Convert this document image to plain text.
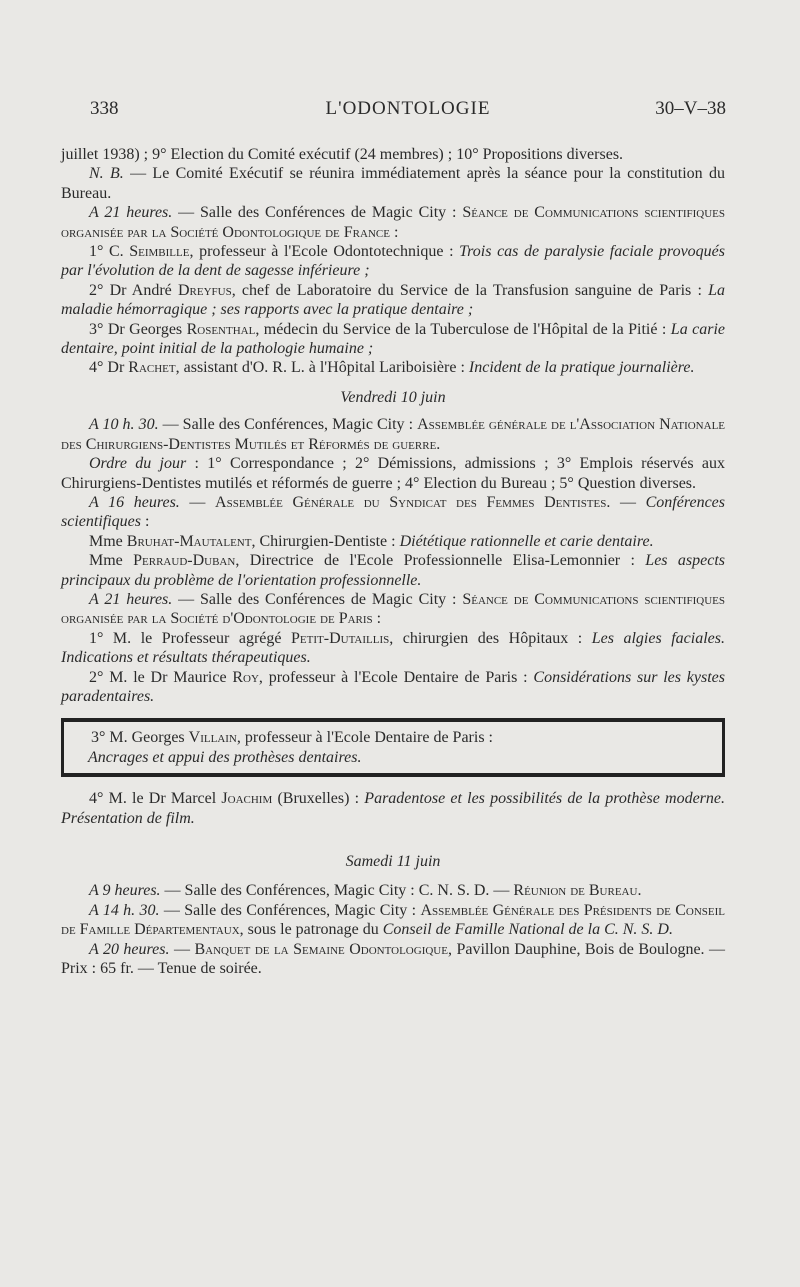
338	L'ODONTOLOGIE	30–V–38

juillet 1938) ; 9° Election du Comité exécutif (24 membres) ; 10° Propositions diverses.

N. B. — Le Comité Exécutif se réunira immédiatement après la séance pour la constitution du Bureau.

A 21 heures. — Salle des Conférences de Magic City : Séance de Communications scientifiques organisée par la Société Odontologique de France :

1° C. Seimbille, professeur à l'Ecole Odontotechnique : Trois cas de paralysie faciale provoqués par l'évolution de la dent de sagesse inférieure ;

2° Dr André Dreyfus, chef de Laboratoire du Service de la Transfusion sanguine de Paris : La maladie hémorragique ; ses rapports avec la pratique dentaire ;

3° Dr Georges Rosenthal, médecin du Service de la Tuberculose de l'Hôpital de la Pitié : La carie dentaire, point initial de la pathologie humaine ;

4° Dr Rachet, assistant d'O. R. L. à l'Hôpital Lariboisière : Incident de la pratique journalière.

Vendredi 10 juin

A 10 h. 30. — Salle des Conférences, Magic City : Assemblée générale de l'Association Nationale des Chirurgiens-Dentistes Mutilés et Réformés de guerre.

Ordre du jour : 1° Correspondance ; 2° Démissions, admissions ; 3° Emplois réservés aux Chirurgiens-Dentistes mutilés et réformés de guerre ; 4° Election du Bureau ; 5° Question diverses.

A 16 heures. — Assemblée Générale du Syndicat des Femmes Dentistes. — Conférences scientifiques :

Mme Bruhat-Mautalent, Chirurgien-Dentiste : Diététique rationnelle et carie dentaire.

Mme Perraud-Duban, Directrice de l'Ecole Professionnelle Elisa-Lemonnier : Les aspects principaux du problème de l'orientation professionnelle.

A 21 heures. — Salle des Conférences de Magic City : Séance de Communications scientifiques organisée par la Société d'Odontologie de Paris :

1° M. le Professeur agrégé Petit-Dutaillis, chirurgien des Hôpitaux : Les algies faciales. Indications et résultats thérapeutiques.

2° M. le Dr Maurice Roy, professeur à l'Ecole Dentaire de Paris : Considérations sur les kystes paradentaires.

3° M. Georges Villain, professeur à l'Ecole Dentaire de Paris :

Ancrages et appui des prothèses dentaires.

4° M. le Dr Marcel Joachim (Bruxelles) : Paradentose et les possibilités de la prothèse moderne. Présentation de film.

Samedi 11 juin

A 9 heures. — Salle des Conférences, Magic City : C. N. S. D. — Réunion de Bureau.

A 14 h. 30. — Salle des Conférences, Magic City : Assemblée Générale des Présidents de Conseil de Famille Départementaux, sous le patronage du Conseil de Famille National de la C. N. S. D.

A 20 heures. — Banquet de la Semaine Odontologique, Pavillon Dauphine, Bois de Boulogne. — Prix : 65 fr. — Tenue de soirée.
